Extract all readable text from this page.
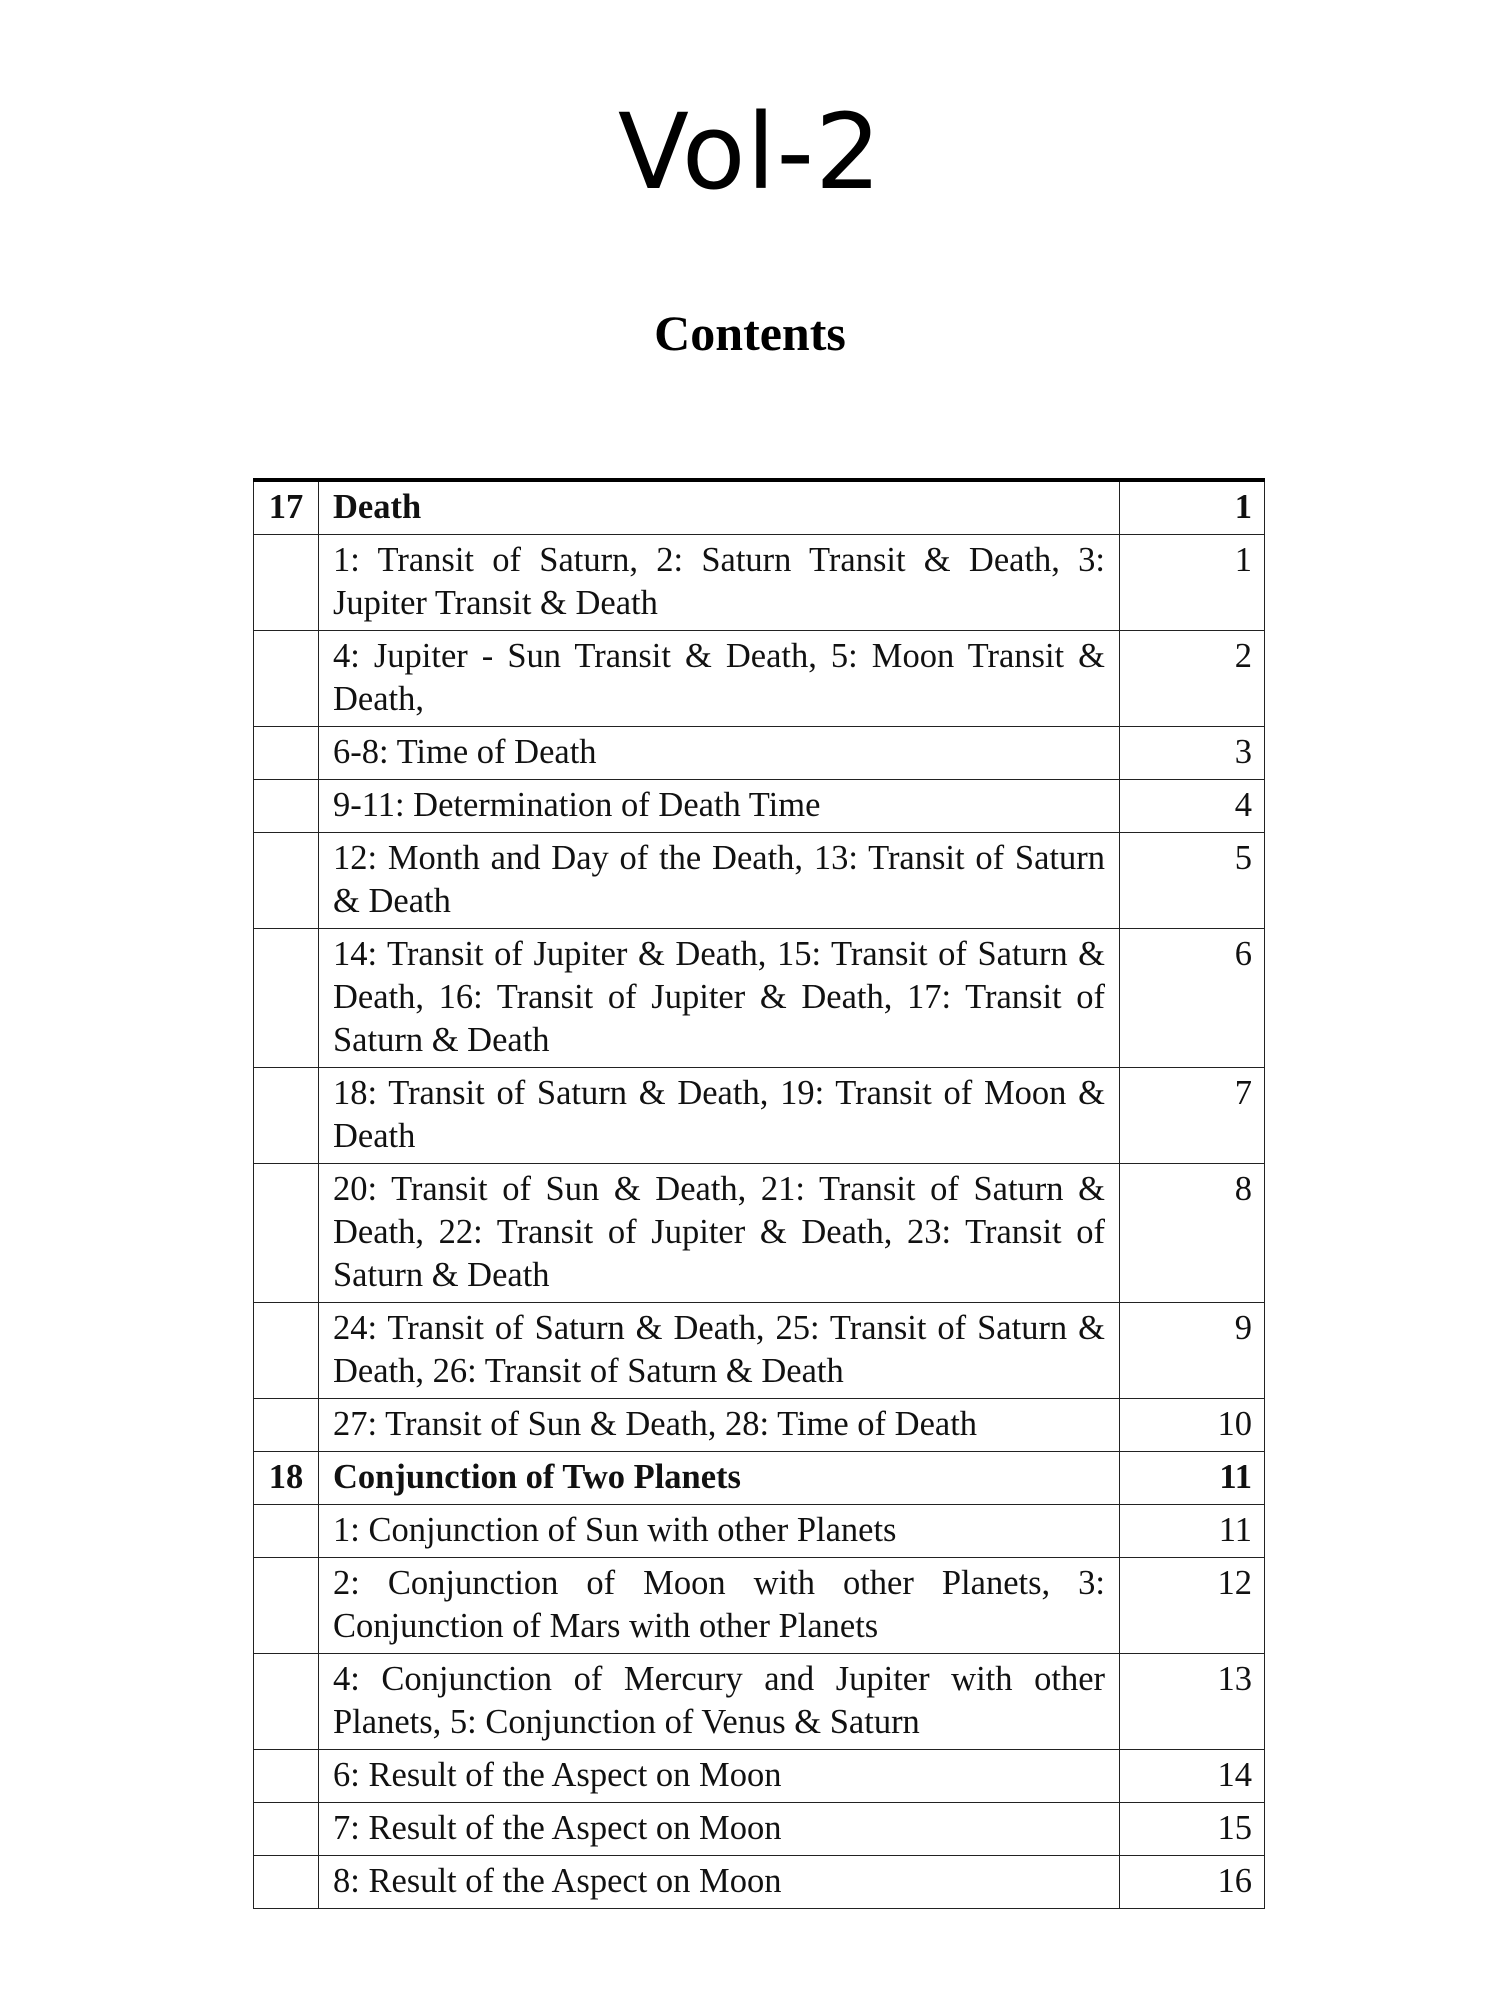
Vol-2
Contents
17	Death	1
	1: Transit of Saturn, 2: Saturn Transit & Death, 3: Jupiter Transit & Death	1
	4: Jupiter - Sun Transit & Death, 5: Moon Transit & Death,	2
	6-8: Time of Death	3
	9-11: Determination of Death Time	4
	12: Month and Day of the Death, 13: Transit of Saturn & Death	5
	14: Transit of Jupiter & Death, 15: Transit of Saturn & Death, 16: Transit of Jupiter & Death, 17: Transit of Saturn & Death	6
	18: Transit of Saturn & Death, 19: Transit of Moon & Death	7
	20: Transit of Sun & Death, 21: Transit of Saturn & Death, 22: Transit of Jupiter & Death, 23: Transit of Saturn & Death	8
	24: Transit of Saturn & Death, 25: Transit of Saturn & Death, 26: Transit of Saturn & Death	9
	27: Transit of Sun & Death, 28: Time of Death	10
18	Conjunction of Two Planets	11
	1: Conjunction of Sun with other Planets	11
	2: Conjunction of Moon with other Planets, 3: Conjunction of Mars with other Planets	12
	4: Conjunction of Mercury and Jupiter with other Planets, 5: Conjunction of Venus & Saturn	13
	6: Result of the Aspect on Moon	14
	7: Result of the Aspect on Moon	15
	8: Result of the Aspect on Moon	16
